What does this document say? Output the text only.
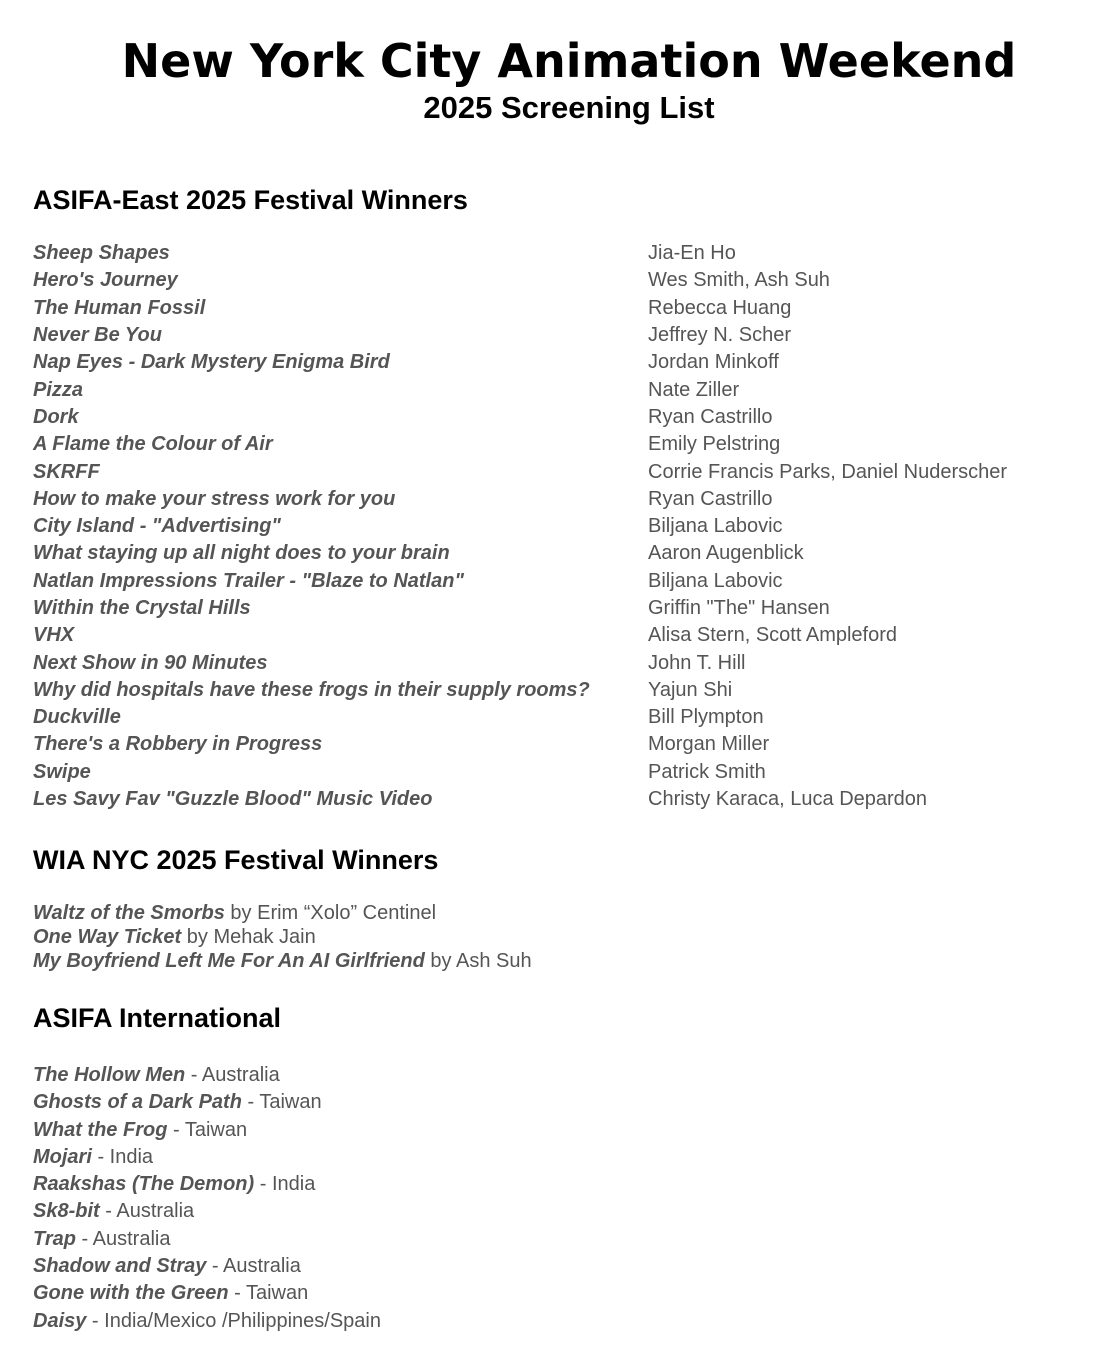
New York City Animation Weekend
2025 Screening List
ASIFA-East 2025 Festival Winners
Sheep Shapes	Jia-En Ho
Hero's Journey	Wes Smith, Ash Suh
The Human Fossil	Rebecca Huang
Never Be You	Jeffrey N. Scher
Nap Eyes - Dark Mystery Enigma Bird	Jordan Minkoff
Pizza	Nate Ziller
Dork	Ryan Castrillo
A Flame the Colour of Air	Emily Pelstring
SKRFF	Corrie Francis Parks, Daniel Nuderscher
How to make your stress work for you	Ryan Castrillo
City Island - "Advertising"	Biljana Labovic
What staying up all night does to your brain	Aaron Augenblick
Natlan Impressions Trailer - "Blaze to Natlan"	Biljana Labovic
Within the Crystal Hills	Griffin "The" Hansen
VHX	Alisa Stern, Scott Ampleford
Next Show in 90 Minutes	John T. Hill
Why did hospitals have these frogs in their supply rooms?	Yajun Shi
Duckville	Bill Plympton
There's a Robbery in Progress	Morgan Miller
Swipe	Patrick Smith
Les Savy Fav "Guzzle Blood" Music Video	Christy Karaca, Luca Depardon
WIA NYC 2025 Festival Winners
Waltz of the Smorbs by Erim “Xolo” Centinel
One Way Ticket by Mehak Jain
My Boyfriend Left Me For An AI Girlfriend by Ash Suh
ASIFA International
The Hollow Men - Australia
Ghosts of a Dark Path - Taiwan
What the Frog - Taiwan
Mojari - India
Raakshas (The Demon) - India
Sk8-bit - Australia
Trap - Australia
Shadow and Stray - Australia
Gone with the Green - Taiwan
Daisy - India/Mexico /Philippines/Spain
